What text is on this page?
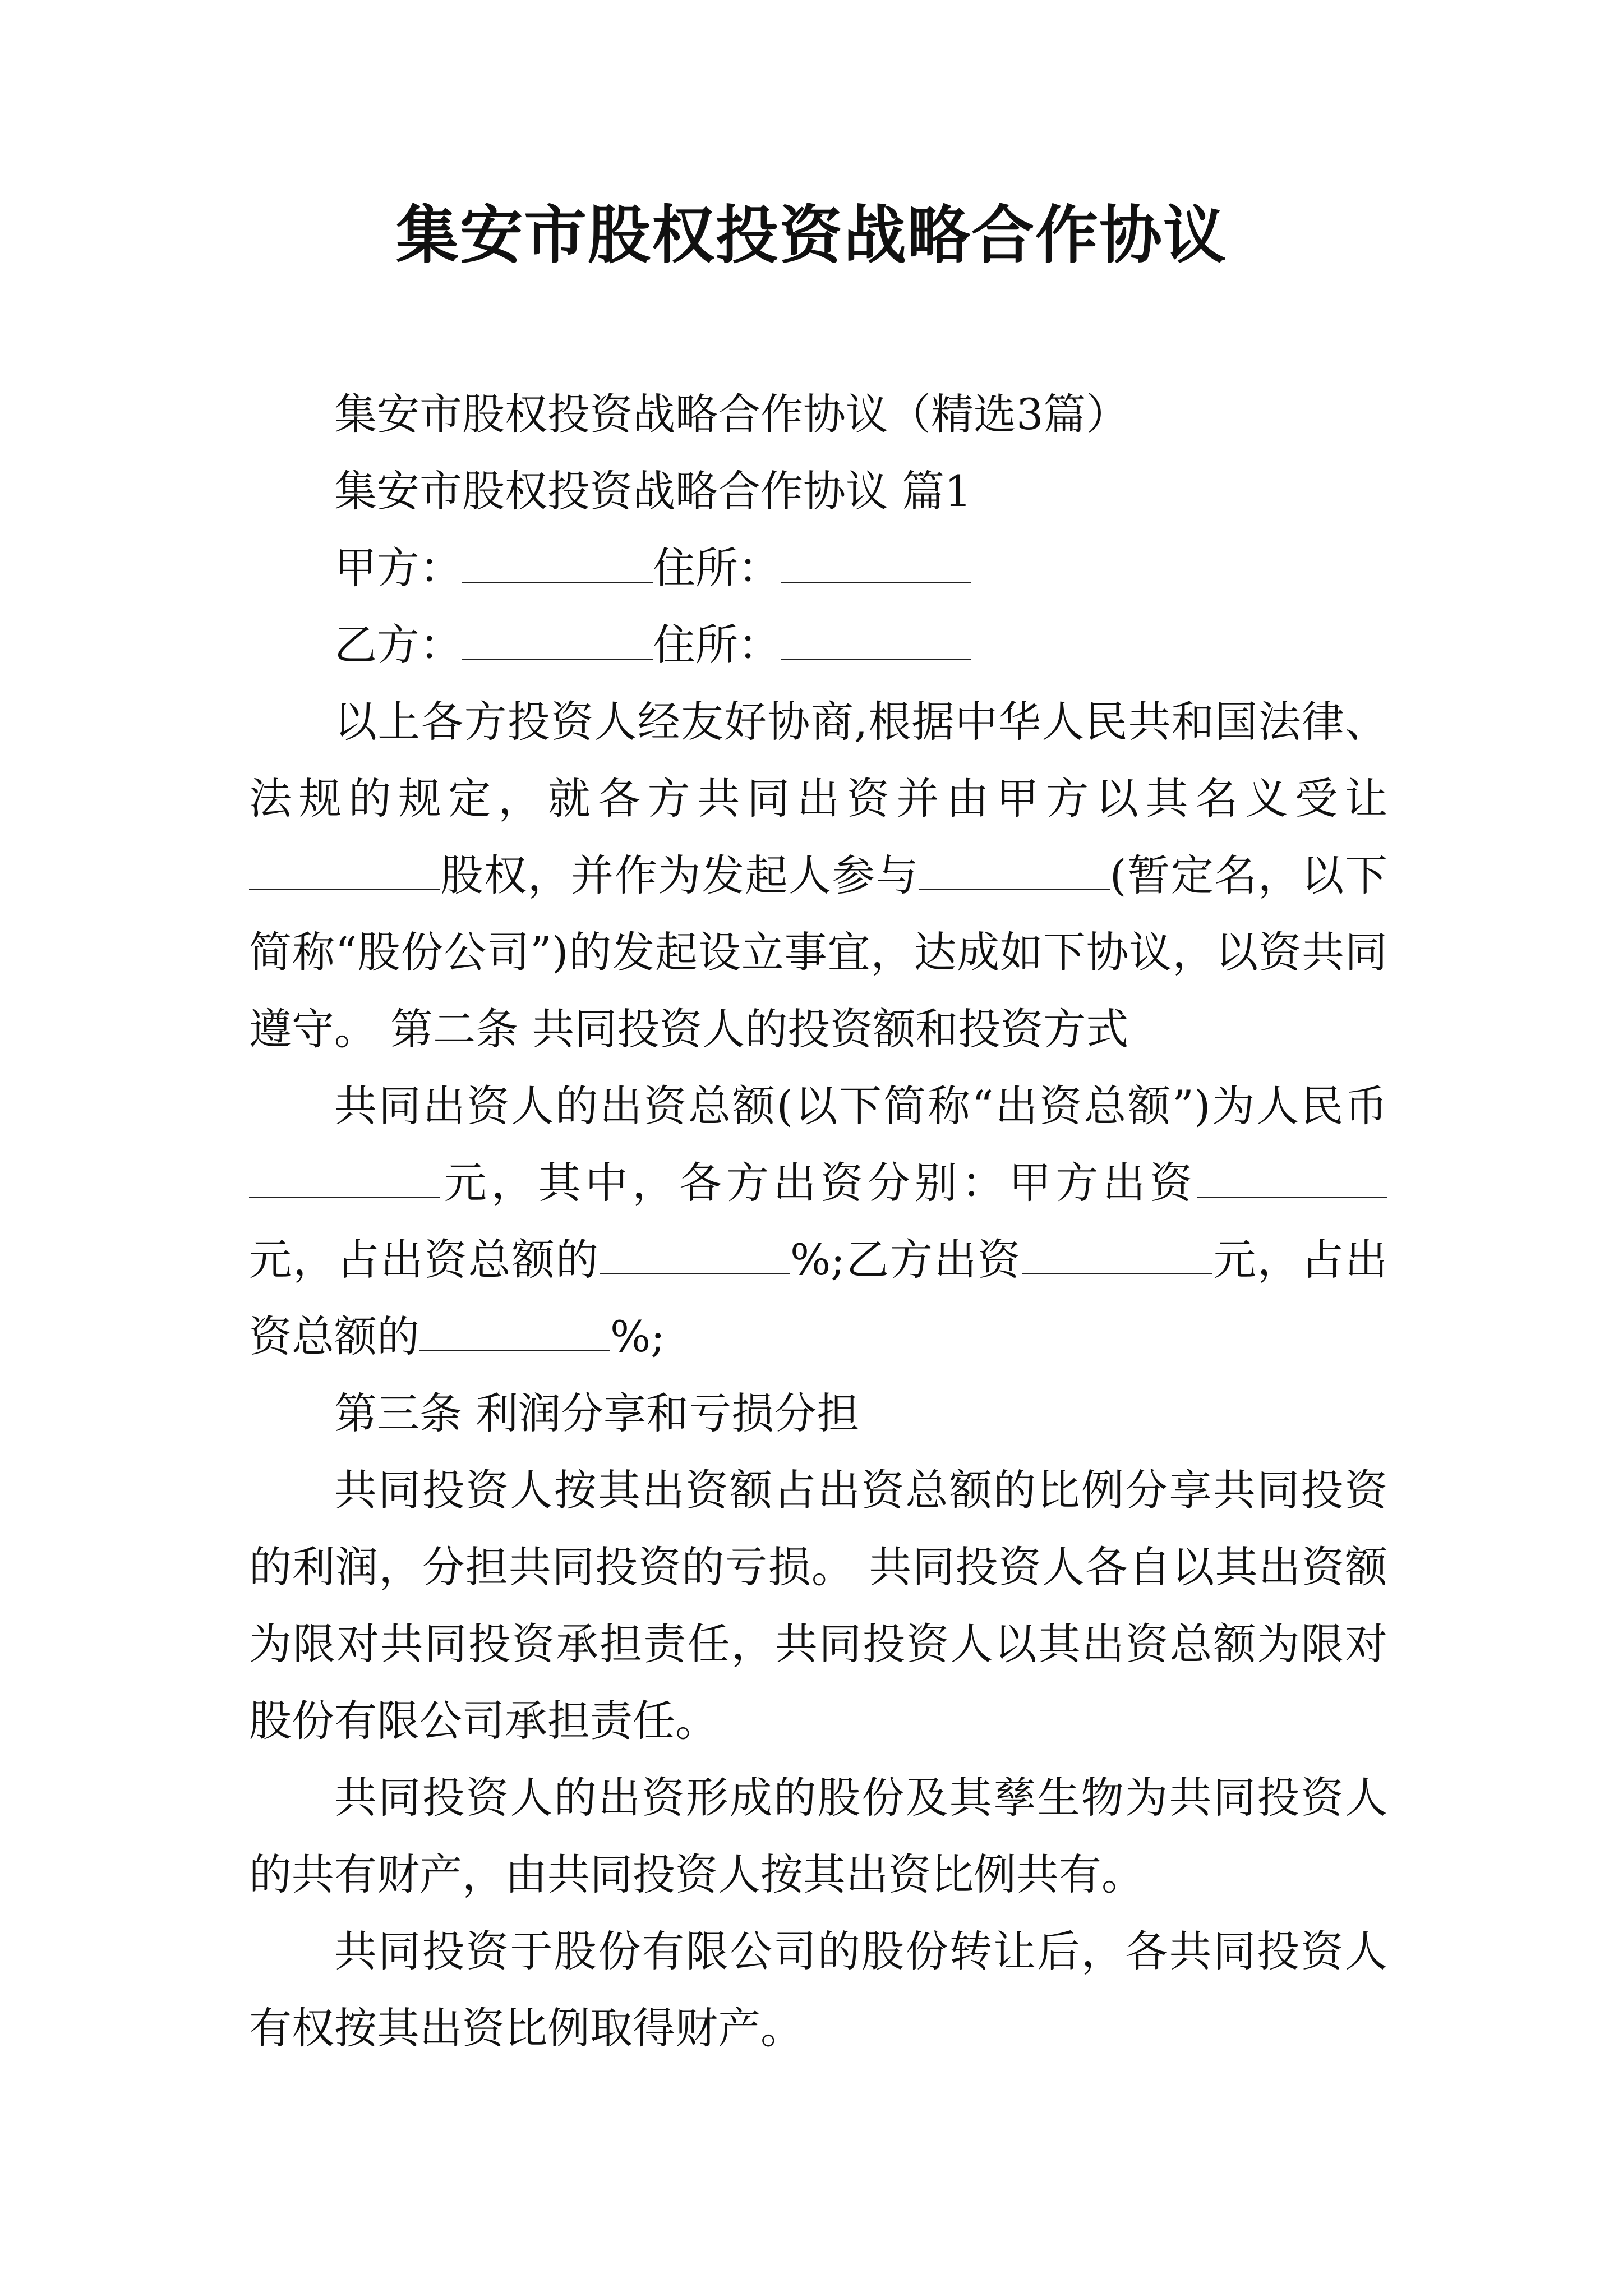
集安市股权投资战略合作协议

集安市股权投资战略合作协议（精选3篇）

集安市股权投资战略合作协议 篇1

甲方：	住所：

乙方：	住所：

以上各方投资人经友好协商,根据中华人民共和国法律、法规的规定，就各方共同出资并由甲方以其名义受让股权，并作为发起人参与	(暂定名，以下简称“股份公司”)的发起设立事宜，达成如下协议，以资共同遵守。 第二条 共同投资人的投资额和投资方式

共同出资人的出资总额(以下简称“出资总额”)为人民币元，其中，各方出资分别：甲方出资元，占出资总额的	%;乙方出资	元，占出资总额的	%;

第三条 利润分享和亏损分担

共同投资人按其出资额占出资总额的比例分享共同投资的利润，分担共同投资的亏损。 共同投资人各自以其出资额为限对共同投资承担责任，共同投资人以其出资总额为限对股份有限公司承担责任。

共同投资人的出资形成的股份及其孳生物为共同投资人的共有财产，由共同投资人按其出资比例共有。

共同投资于股份有限公司的股份转让后，各共同投资人有权按其出资比例取得财产。
